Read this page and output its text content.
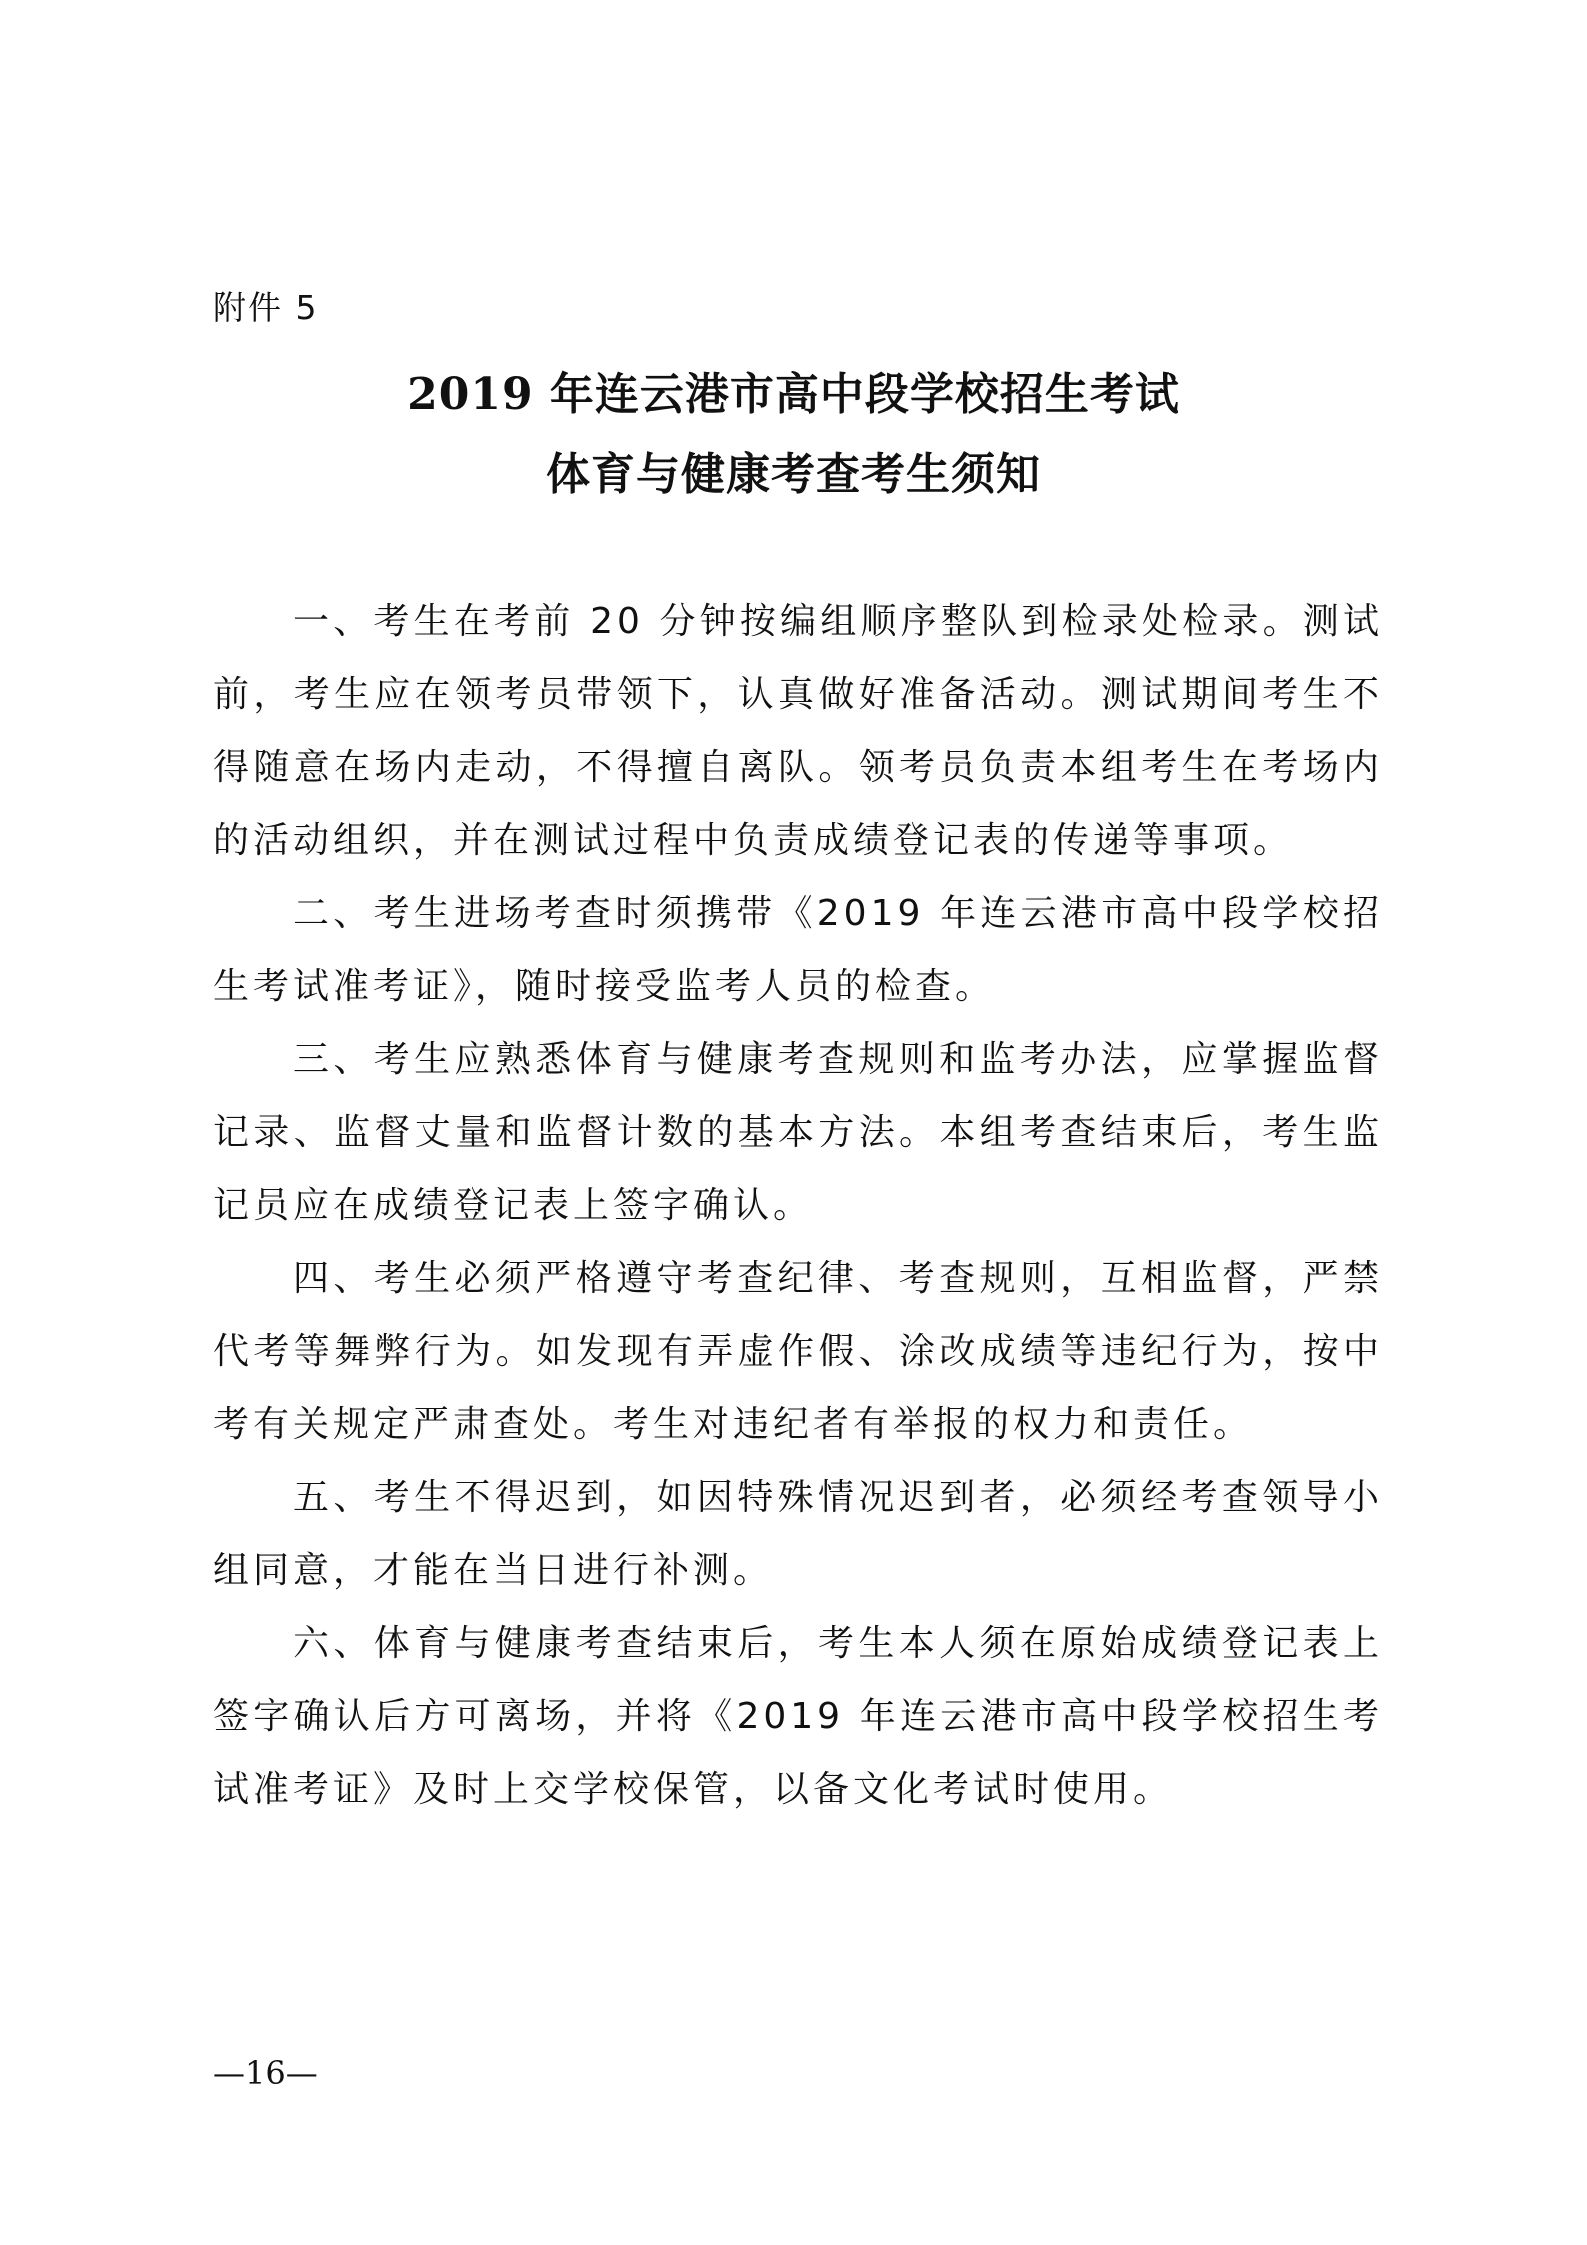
附件 5
2019 年连云港市高中段学校招生考试
体育与健康考查考生须知

一、考生在考前 20 分钟按编组顺序整队到检录处检录。测试前，考生应在领考员带领下，认真做好准备活动。测试期间考生不得随意在场内走动，不得擅自离队。领考员负责本组考生在考场内的活动组织，并在测试过程中负责成绩登记表的传递等事项。

二、考生进场考查时须携带《2019 年连云港市高中段学校招生考试准考证》，随时接受监考人员的检查。

三、考生应熟悉体育与健康考查规则和监考办法，应掌握监督记录、监督丈量和监督计数的基本方法。本组考查结束后，考生监记员应在成绩登记表上签字确认。

四、考生必须严格遵守考查纪律、考查规则，互相监督，严禁代考等舞弊行为。如发现有弄虚作假、涂改成绩等违纪行为，按中考有关规定严肃查处。考生对违纪者有举报的权力和责任。

五、考生不得迟到，如因特殊情况迟到者，必须经考查领导小组同意，才能在当日进行补测。

六、体育与健康考查结束后，考生本人须在原始成绩登记表上签字确认后方可离场，并将《2019 年连云港市高中段学校招生考试准考证》及时上交学校保管，以备文化考试时使用。

—16—
